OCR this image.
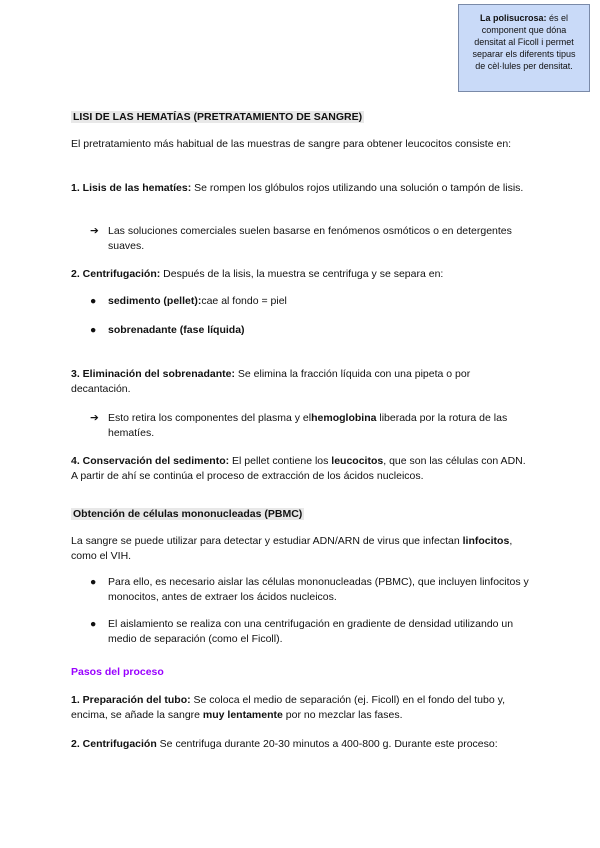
La polisucrosa: és el component que dóna densitat al Ficoll i permet separar els diferents tipus de cèl·lules per densitat.
LISI DE LAS HEMATÍAS (PRETRATAMIENTO DE SANGRE)
El pretratamiento más habitual de las muestras de sangre para obtener leucocitos consiste en:
1. Lisis de las hematíes: Se rompen los glóbulos rojos utilizando una solución o tampón de lisis.
➔ Las soluciones comerciales suelen basarse en fenómenos osmóticos o en detergentes suaves.
2. Centrifugación: Después de la lisis, la muestra se centrifuga y se separa en:
● sedimento (pellet):cae al fondo = piel
● sobrenadante (fase líquida)
3. Eliminación del sobrenadante: Se elimina la fracción líquida con una pipeta o por decantación.
➔ Esto retira los componentes del plasma y elhemoglobina liberada por la rotura de las hematíes.
4. Conservación del sedimento: El pellet contiene los leucocitos, que son las células con ADN. A partir de ahí se continúa el proceso de extracción de los ácidos nucleicos.
Obtención de células mononucleadas (PBMC)
La sangre se puede utilizar para detectar y estudiar ADN/ARN de virus que infectan linfocitos, como el VIH.
● Para ello, es necesario aislar las células mononucleadas (PBMC), que incluyen linfocitos y monocitos, antes de extraer los ácidos nucleicos.
● El aislamiento se realiza con una centrifugación en gradiente de densidad utilizando un medio de separación (como el Ficoll).
Pasos del proceso
1. Preparación del tubo: Se coloca el medio de separación (ej. Ficoll) en el fondo del tubo y, encima, se añade la sangre muy lentamente por no mezclar las fases.
2. Centrifugación Se centrifuga durante 20-30 minutos a 400-800 g. Durante este proceso:
